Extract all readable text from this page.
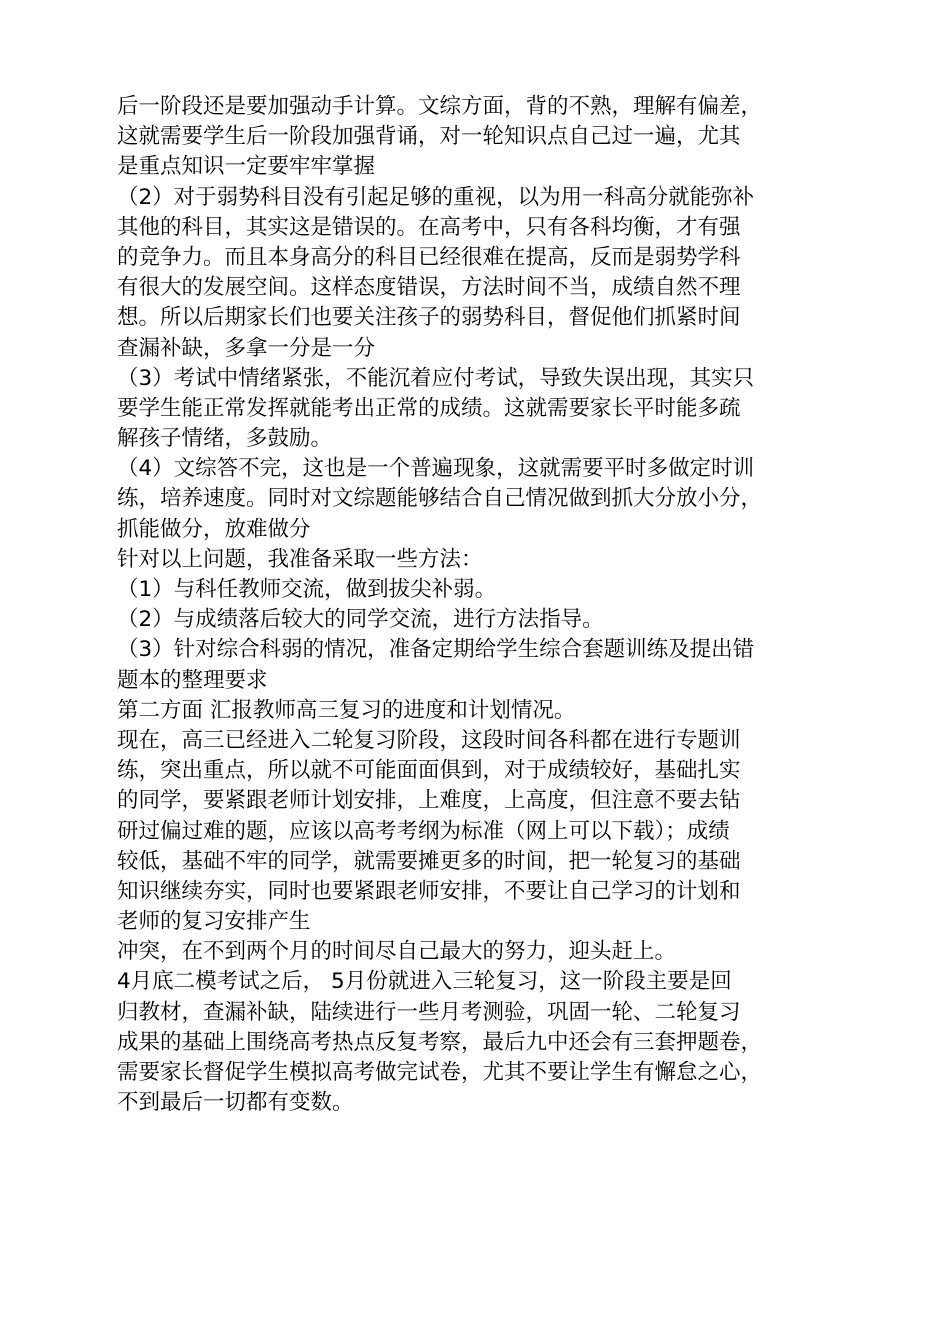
后一阶段还是要加强动手计算。文综方面，背的不熟，理解有偏差，
这就需要学生后一阶段加强背诵，对一轮知识点自己过一遍，尤其
是重点知识一定要牢牢掌握
（2）对于弱势科目没有引起足够的重视，以为用一科高分就能弥补
其他的科目，其实这是错误的。在高考中，只有各科均衡，才有强
的竞争力。而且本身高分的科目已经很难在提高，反而是弱势学科
有很大的发展空间。这样态度错误，方法时间不当，成绩自然不理
想。所以后期家长们也要关注孩子的弱势科目，督促他们抓紧时间
查漏补缺，多拿一分是一分
（3）考试中情绪紧张，不能沉着应付考试，导致失误出现，其实只
要学生能正常发挥就能考出正常的成绩。这就需要家长平时能多疏
解孩子情绪，多鼓励。
（4）文综答不完，这也是一个普遍现象，这就需要平时多做定时训
练，培养速度。同时对文综题能够结合自己情况做到抓大分放小分，
抓能做分，放难做分
针对以上问题，我准备采取一些方法：
（1）与科任教师交流，做到拔尖补弱。
（2）与成绩落后较大的同学交流，进行方法指导。
（3）针对综合科弱的情况，准备定期给学生综合套题训练及提出错
题本的整理要求
第二方面 汇报教师高三复习的进度和计划情况。
现在，高三已经进入二轮复习阶段，这段时间各科都在进行专题训
练，突出重点，所以就不可能面面俱到，对于成绩较好，基础扎实
的同学，要紧跟老师计划安排，上难度，上高度，但注意不要去钻
研过偏过难的题，应该以高考考纲为标准（网上可以下载）；成绩
较低，基础不牢的同学，就需要摊更多的时间，把一轮复习的基础
知识继续夯实，同时也要紧跟老师安排，不要让自己学习的计划和
老师的复习安排产生
冲突，在不到两个月的时间尽自己最大的努力，迎头赶上。
4月底二模考试之后， 5月份就进入三轮复习，这一阶段主要是回
归教材，查漏补缺，陆续进行一些月考测验，巩固一轮、二轮复习
成果的基础上围绕高考热点反复考察，最后九中还会有三套押题卷，
需要家长督促学生模拟高考做完试卷，尤其不要让学生有懈怠之心，
不到最后一切都有变数。
